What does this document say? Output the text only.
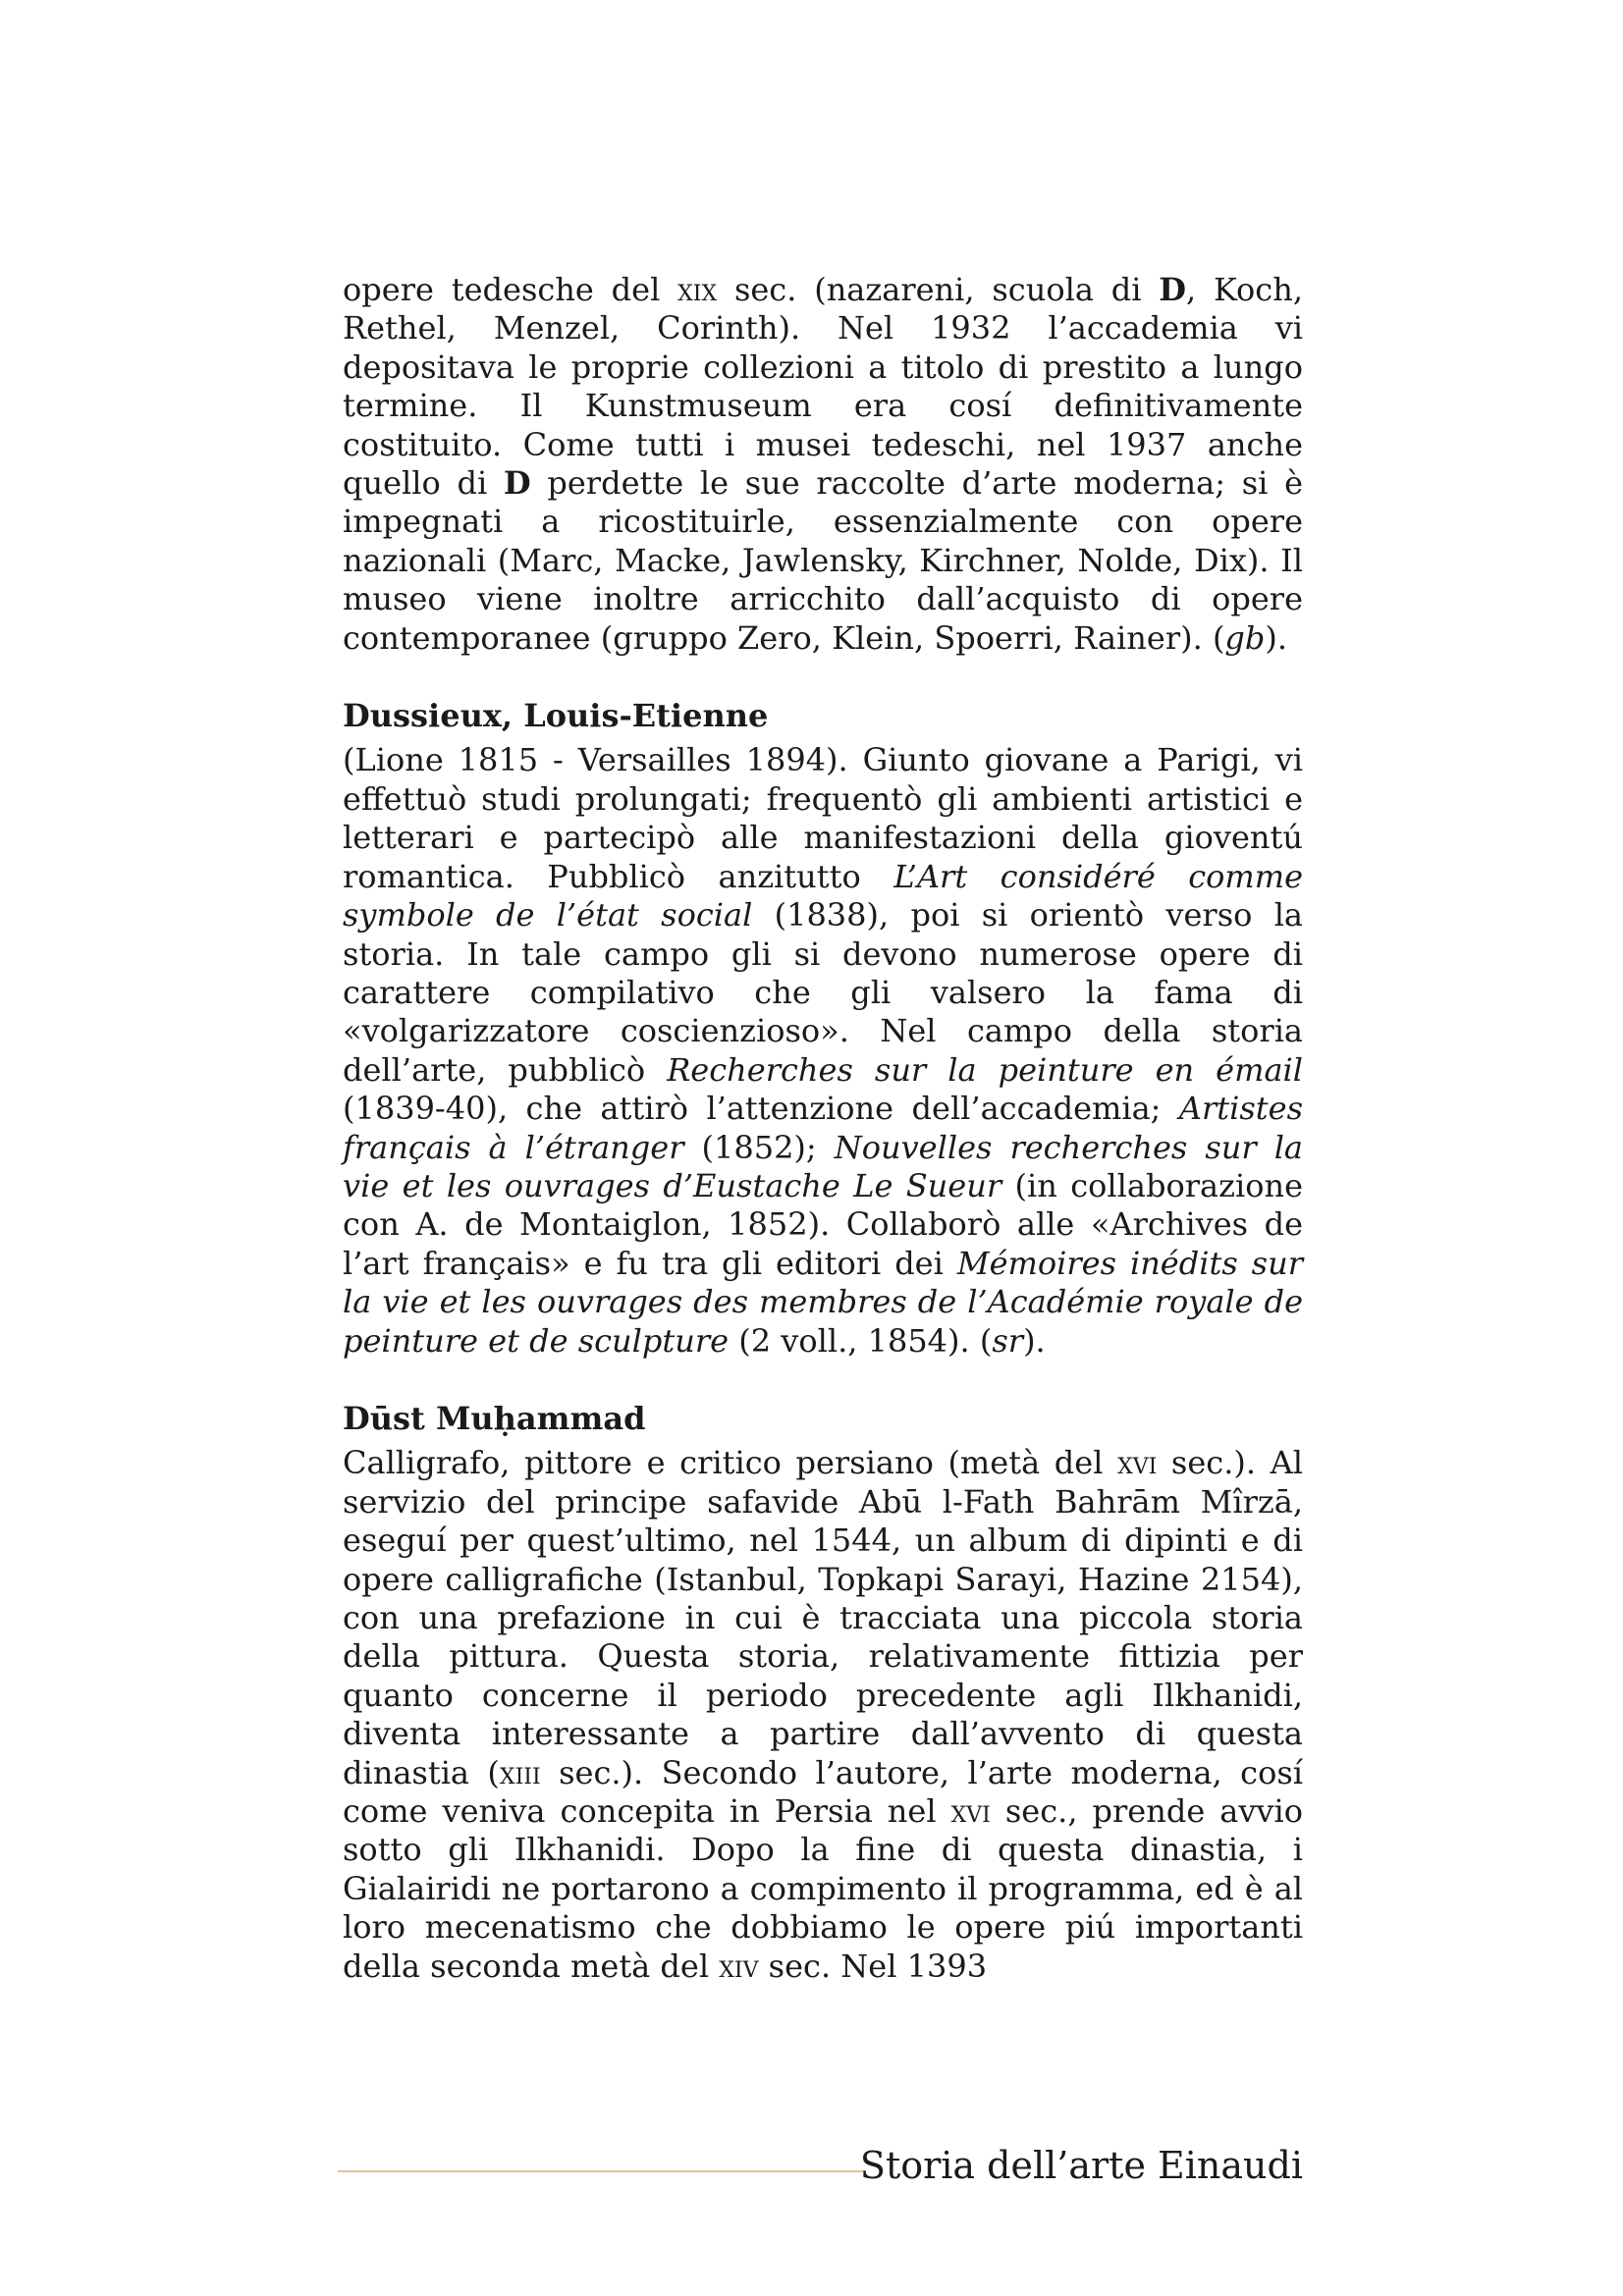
opere tedesche del xix sec. (nazareni, scuola di D, Koch, Rethel, Menzel, Corinth). Nel 1932 l’accademia vi depositava le proprie collezioni a titolo di prestito a lungo termine. Il Kunstmuseum era cosí definitivamente costituito. Come tutti i musei tedeschi, nel 1937 anche quello di D perdette le sue raccolte d’arte moderna; si è impegnati a ricostituirle, essenzialmente con opere nazionali (Marc, Macke, Jawlensky, Kirchner, Nolde, Dix). Il museo viene inoltre arricchito dall’acquisto di opere contemporanee (gruppo Zero, Klein, Spoerri, Rainer). (gb).

Dussieux, Louis-Etienne

(Lione 1815 - Versailles 1894). Giunto giovane a Parigi, vi effettuò studi prolungati; frequentò gli ambienti artistici e letterari e partecipò alle manifestazioni della gioventú romantica. Pubblicò anzitutto L’Art considéré comme symbole de l’état social (1838), poi si orientò verso la storia. In tale campo gli si devono numerose opere di carattere compilativo che gli valsero la fama di «volgarizzatore coscienzioso». Nel campo della storia dell’arte, pubblicò Recherches sur la peinture en émail (1839-40), che attirò l’attenzione dell’accademia; Artistes français à l’étranger (1852); Nouvelles recherches sur la vie et les ouvrages d’Eustache Le Sueur (in collaborazione con A. de Montaiglon, 1852). Collaborò alle «Archives de l’art français» e fu tra gli editori dei Mémoires inédits sur la vie et les ouvrages des membres de l’Académie royale de peinture et de sculpture (2 voll., 1854). (sr).

Dūst Muḥammad

Calligrafo, pittore e critico persiano (metà del xvi sec.). Al servizio del principe safavide Abū l-Fath Bahrām Mîrzā, eseguí per quest’ultimo, nel 1544, un album di dipinti e di opere calligrafiche (Istanbul, Topkapi Sarayi, Hazine 2154), con una prefazione in cui è tracciata una piccola storia della pittura. Questa storia, relativamente fittizia per quanto concerne il periodo precedente agli Ilkhanidi, diventa interessante a partire dall’avvento di questa dinastia (xiii sec.). Secondo l’autore, l’arte moderna, cosí come veniva concepita in Persia nel xvi sec., prende avvio sotto gli Ilkhanidi. Dopo la fine di questa dinastia, i Gialairidi ne portarono a compimento il programma, ed è al loro mecenatismo che dobbiamo le opere piú importanti della seconda metà del xiv sec. Nel 1393

Storia dell’arte Einaudi
